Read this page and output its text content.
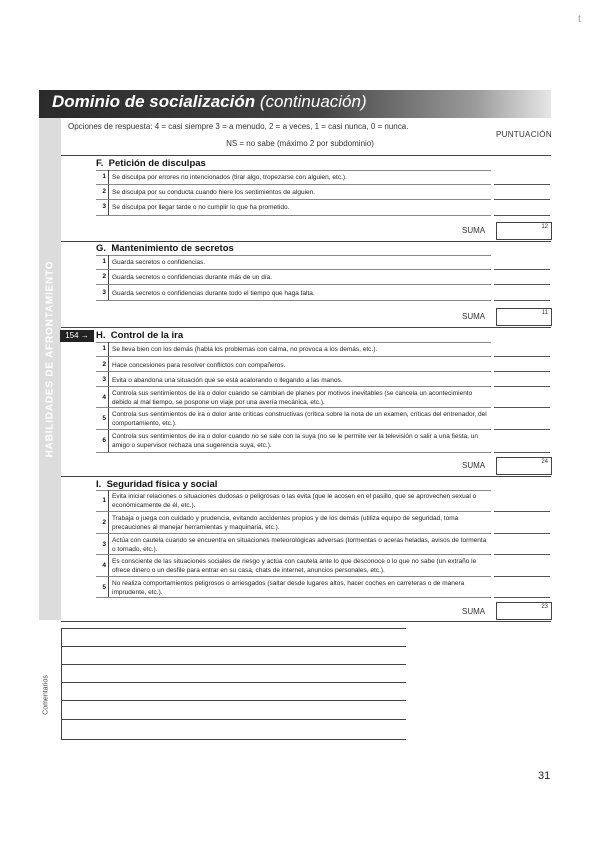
t
HABILIDADES DE AFRONTAMIENTO
Dominio de socialización (continuación)
Opciones de respuesta: 4 = casi siempre 3 = a menudo, 2 = a veces, 1 = casi nunca, 0 = nunca.
NS = no sabe (máximo 2 por subdominio)
PUNTUACIÓN
F. Petición de disculpas
1 Se disculpa por errores no intencionados (tirar algo, tropezarse con alguien, etc.).
2 Se disculpa por su conducta cuando hiere los sentimientos de alguien.
3 Se disculpa por llegar tarde o no cumplir lo que ha prometido.
SUMA	12
G. Mantenimiento de secretos
1 Guarda secretos o confidencias.
2 Guarda secretos o confidencias durante más de un día.
3 Guarda secretos o confidencias durante todo el tiempo que haga falta.
SUMA	11
154 → H. Control de la ira
1 Se lleva bien con los demás (habla los problemas con calma, no provoca a los demás, etc.).
2 Hace concesiones para resolver conflictos con compañeros.
3 Evita o abandona una situación que se está acalorando o llegando a las manos.
4
Controla sus sentimientos de ira o dolor cuando se cambian de planes por motivos inevitables (se cancela un acontecimiento debido al mal tiempo, se pospone un viaje por una avería mecánica, etc.).
5
Controla sus sentimientos de ira o dolor ante críticas constructivas (crítica sobre la nota de un examen, críticas del entrenador, del comportamiento, etc.).
6
Controla sus sentimientos de ira o dolor cuando no se sale con la suya (no se le permite ver la televisión o salir a una fiesta, un amigo o supervisor rechaza una sugerencia suya, etc.).
SUMA	24
I. Seguridad física y social
1
Evita iniciar relaciones o situaciones dudosas o peligrosas o las evita (que le acosen en el pasillo, que se aprovechen sexual o económicamente de él, etc.).
2
Trabaja o juega con cuidado y prudencia, evitando accidentes propios y de los demás (utiliza equipo de seguridad, toma precauciones al manejar herramientas y maquinaria, etc.).
3
Actúa con cautela cuando se encuentra en situaciones meteorológicas adversas (tormentas o aceras heladas, avisos de tormenta o tornado, etc.).
4
Es consciente de las situaciones sociales de riesgo y actúa con cautela ante lo que desconoce o lo que no sabe (un extraño le ofrece dinero o un desfile para entrar en su casa, chats de internet, anuncios personales, etc.).
5
No realiza comportamientos peligrosos o arriesgados (saltar desde lugares altos, hacer coches en carreteras o de manera imprudente, etc.).
SUMA	23
Comentarios
31
